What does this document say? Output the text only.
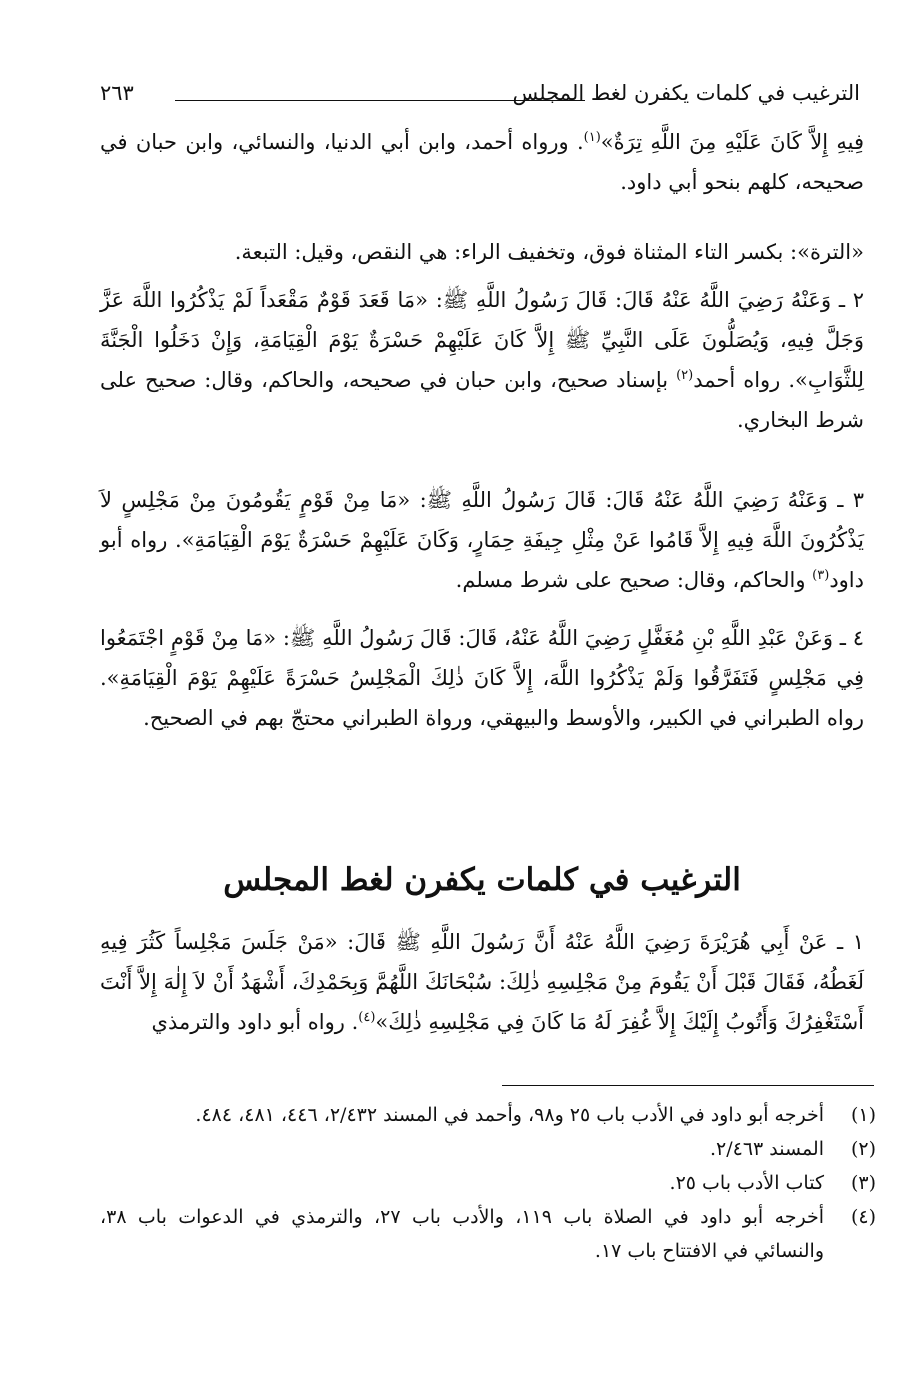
الترغيب في كلمات يكفرن لغط المجلس
٢٦٣

فِيهِ إِلاَّ كَانَ عَلَيْهِ مِنَ اللَّهِ تِرَةٌ»$^{(١)}$. ورواه أحمد، وابن أبي الدنيا، والنسائي، وابن حبان في صحيحه، كلهم بنحو أبي داود.

«الترة»: بكسر التاء المثناة فوق، وتخفيف الراء: هي النقص، وقيل: التبعة.

٢ ـ وَعَنْهُ رَضِيَ اللَّهُ عَنْهُ قَالَ: قَالَ رَسُولُ اللَّهِ ﷺ: «مَا قَعَدَ قَوْمٌ مَقْعَداً لَمْ يَذْكُرُوا اللَّهَ عَزَّ وَجَلَّ فِيهِ، وَيُصَلُّونَ عَلَى النَّبِيِّ ﷺ إِلاَّ كَانَ عَلَيْهِمْ حَسْرَةٌ يَوْمَ الْقِيَامَةِ، وَإِنْ دَخَلُوا الْجَنَّةَ لِلثَّوَابِ». رواه أحمد$^{(٢)}$ بإسناد صحيح، وابن حبان في صحيحه، والحاكم، وقال: صحيح على شرط البخاري.

٣ ـ وَعَنْهُ رَضِيَ اللَّهُ عَنْهُ قَالَ: قَالَ رَسُولُ اللَّهِ ﷺ: «مَا مِنْ قَوْمٍ يَقُومُونَ مِنْ مَجْلِسٍ لاَ يَذْكُرُونَ اللَّهَ فِيهِ إِلاَّ قَامُوا عَنْ مِثْلِ جِيفَةِ حِمَارٍ، وَكَانَ عَلَيْهِمْ حَسْرَةٌ يَوْمَ الْقِيَامَةِ». رواه أبو داود$^{(٣)}$ والحاكم، وقال: صحيح على شرط مسلم.

٤ ـ وَعَنْ عَبْدِ اللَّهِ بْنِ مُغَفَّلٍ رَضِيَ اللَّهُ عَنْهُ، قَالَ: قَالَ رَسُولُ اللَّهِ ﷺ: «مَا مِنْ قَوْمٍ اجْتَمَعُوا فِي مَجْلِسٍ فَتَفَرَّقُوا وَلَمْ يَذْكُرُوا اللَّهَ، إِلاَّ كَانَ ذٰلِكَ الْمَجْلِسُ حَسْرَةً عَلَيْهِمْ يَوْمَ الْقِيَامَةِ». رواه الطبراني في الكبير، والأوسط والبيهقي، ورواة الطبراني محتجّ بهم في الصحيح.

الترغيب في كلمات يكفرن لغط المجلس

١ ـ عَنْ أَبِي هُرَيْرَةَ رَضِيَ اللَّهُ عَنْهُ أَنَّ رَسُولَ اللَّهِ ﷺ قَالَ: «مَنْ جَلَسَ مَجْلِساً كَثُرَ فِيهِ لَغَطُهُ، فَقَالَ قَبْلَ أَنْ يَقُومَ مِنْ مَجْلِسِهِ ذٰلِكَ: سُبْحَانَكَ اللَّهُمَّ وَبِحَمْدِكَ، أَشْهَدُ أَنْ لاَ إِلٰهَ إِلاَّ أَنْتَ أَسْتَغْفِرُكَ وَأَتُوبُ إِلَيْكَ إِلاَّ غُفِرَ لَهُ مَا كَانَ فِي مَجْلِسِهِ ذٰلِكَ»$^{(٤)}$. رواه أبو داود والترمذي

(١)
أخرجه أبو داود في الأدب باب ٢٥ و٩٨، وأحمد في المسند ٢/٤٣٢، ٤٤٦، ٤٨١، ٤٨٤.
(٢)
المسند ٢/٤٦٣.
(٣)
كتاب الأدب باب ٢٥.
(٤)
أخرجه أبو داود في الصلاة باب ١١٩، والأدب باب ٢٧، والترمذي في الدعوات باب ٣٨، والنسائي في الافتتاح باب ١٧.
